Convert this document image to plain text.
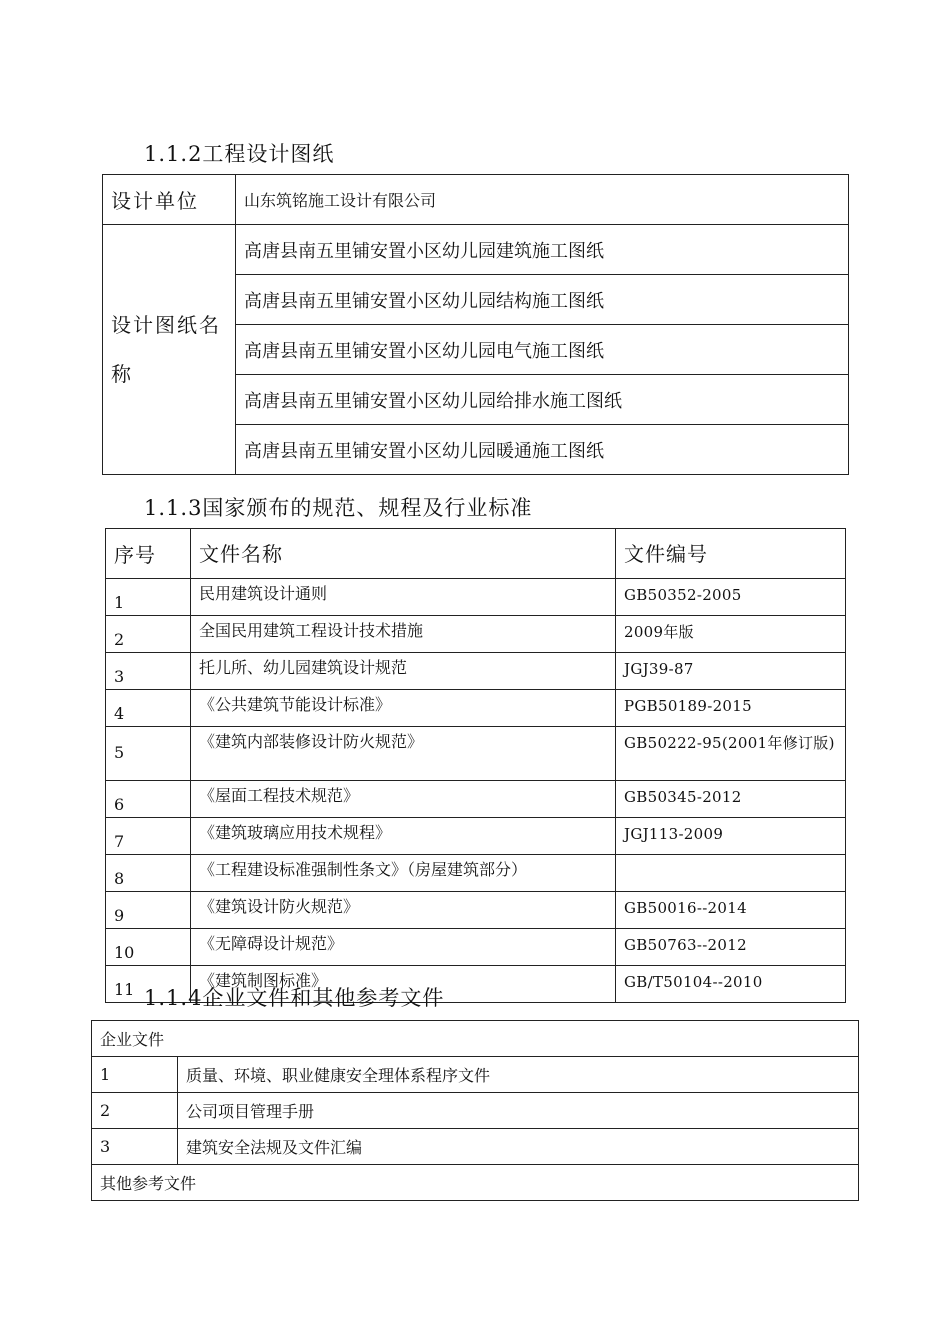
1.1.2工程设计图纸
设计单位	山东筑铭施工设计有限公司
设计图纸名称	高唐县南五里铺安置小区幼儿园建筑施工图纸
	高唐县南五里铺安置小区幼儿园结构施工图纸
	高唐县南五里铺安置小区幼儿园电气施工图纸
	高唐县南五里铺安置小区幼儿园给排水施工图纸
	高唐县南五里铺安置小区幼儿园暖通施工图纸
1.1.3国家颁布的规范、规程及行业标准
序号	文件名称	文件编号
1	民用建筑设计通则	GB50352-2005
2	全国民用建筑工程设计技术措施	2009年版
3	托儿所、幼儿园建筑设计规范	JGJ39-87
4	《公共建筑节能设计标准》	PGB50189-2015
5	《建筑内部装修设计防火规范》	GB50222-95(2001年修订版)
6	《屋面工程技术规范》	GB50345-2012
7	《建筑玻璃应用技术规程》	JGJ113-2009
8	《工程建设标准强制性条文》（房屋建筑部分）	
9	《建筑设计防火规范》	GB50016--2014
10	《无障碍设计规范》	GB50763--2012
11	《建筑制图标准》	GB/T50104--2010
1.1.4企业文件和其他参考文件
企业文件	
1	质量、环境、职业健康安全理体系程序文件
2	公司项目管理手册
3	建筑安全法规及文件汇编
其他参考文件	
